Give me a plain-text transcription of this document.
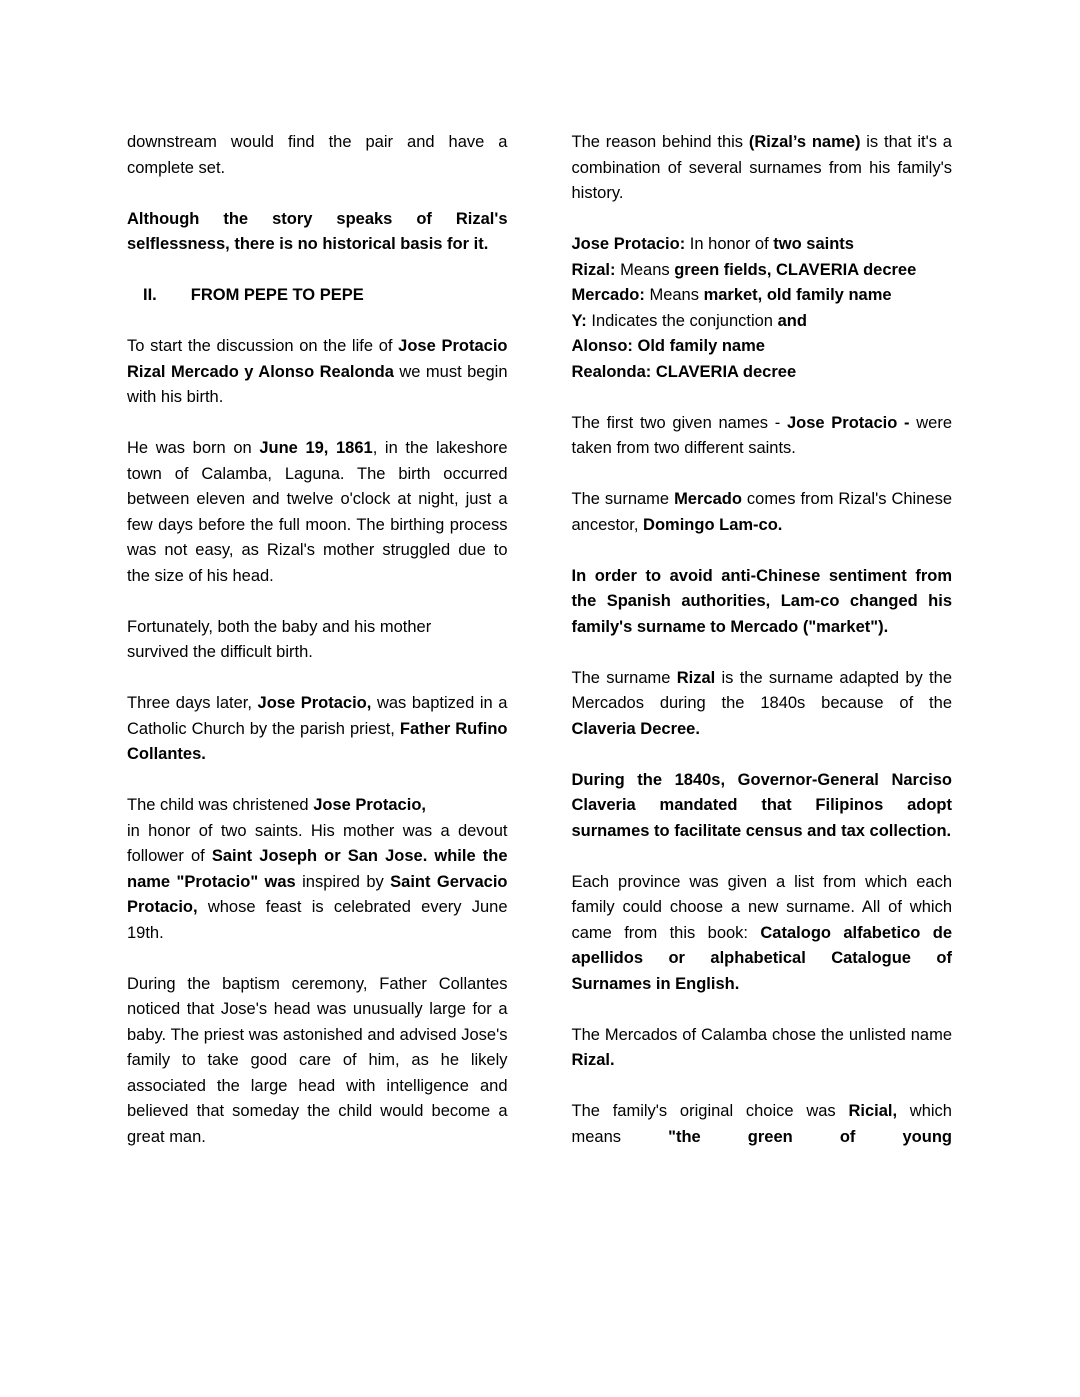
downstream would find the pair and have a complete set.

Although the story speaks of Rizal's selflessness, there is no historical basis for it.

II. FROM PEPE TO PEPE

To start the discussion on the life of Jose Protacio Rizal Mercado y Alonso Realonda we must begin with his birth.

He was born on June 19, 1861, in the lakeshore town of Calamba, Laguna. The birth occurred between eleven and twelve o'clock at night, just a few days before the full moon. The birthing process was not easy, as Rizal's mother struggled due to the size of his head.

Fortunately, both the baby and his mother
survived the difficult birth.

Three days later, Jose Protacio, was baptized in a Catholic Church by the parish priest, Father Rufino Collantes.

The child was christened Jose Protacio,
in honor of two saints. His mother was a devout follower of Saint Joseph or San Jose. while the name "Protacio" was inspired by Saint Gervacio Protacio, whose feast is celebrated every June 19th.

During the baptism ceremony, Father Collantes noticed that Jose's head was unusually large for a baby. The priest was astonished and advised Jose's family to take good care of him, as he likely associated the large head with intelligence and believed that someday the child would become a great man.

The reason behind this (Rizal’s name) is that it's a combination of several surnames from his family's history.

Jose Protacio: In honor of two saints
Rizal: Means green fields, CLAVERIA decree
Mercado: Means market, old family name
Y: Indicates the conjunction and
Alonso: Old family name
Realonda: CLAVERIA decree

The first two given names - Jose Protacio - were taken from two different saints.

The surname Mercado comes from Rizal's Chinese ancestor, Domingo Lam-co.

In order to avoid anti-Chinese sentiment from the Spanish authorities, Lam-co changed his family's surname to Mercado ("market").

The surname Rizal is the surname adapted by the Mercados during the 1840s because of the Claveria Decree.

During the 1840s, Governor-General Narciso Claveria mandated that Filipinos adopt surnames to facilitate census and tax collection.

Each province was given a list from which each family could choose a new surname. All of which came from this book: Catalogo alfabetico de apellidos or alphabetical Catalogue of Surnames in English.

The Mercados of Calamba chose the unlisted name Rizal.

The family's original choice was Ricial, which means "the green of young
